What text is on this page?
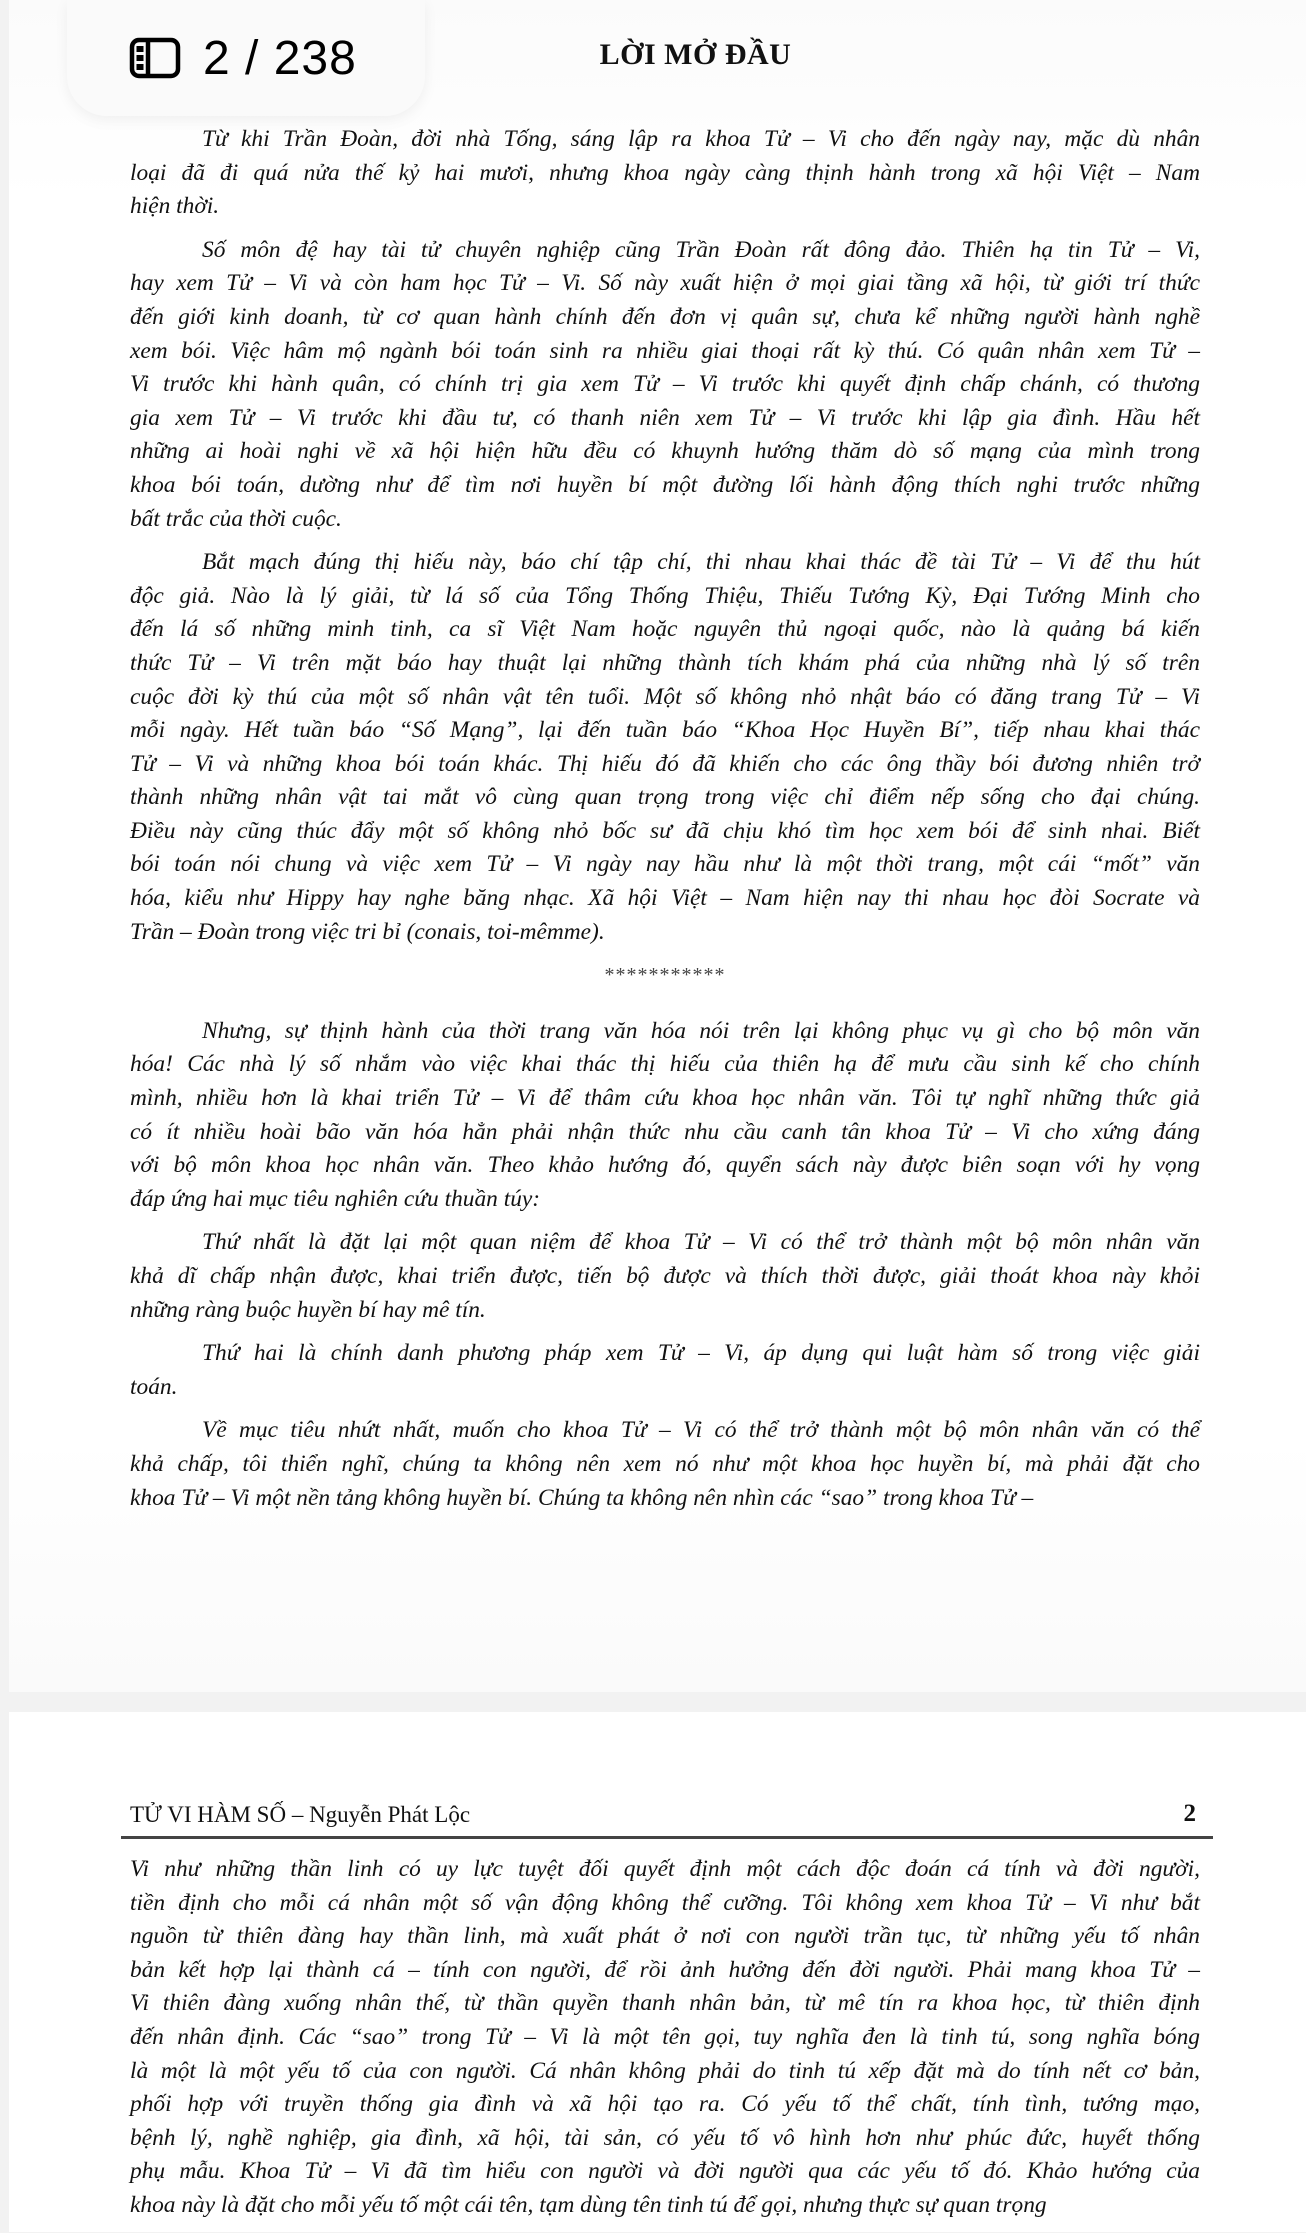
2 / 238	LỜI MỞ ĐẦU
Từ khi Trần Đoàn, đời nhà Tống, sáng lập ra khoa Tử – Vi cho đến ngày nay, mặc dù nhân
loại đã đi quá nửa thế kỷ hai mươi, nhưng khoa ngày càng thịnh hành trong xã hội Việt – Nam
hiện thời.
Số môn đệ hay tài tử chuyên nghiệp cũng Trần Đoàn rất đông đảo. Thiên hạ tin Tử – Vi,
hay xem Tử – Vi và còn ham học Tử – Vi. Số này xuất hiện ở mọi giai tầng xã hội, từ giới trí thức
đến giới kinh doanh, từ cơ quan hành chính đến đơn vị quân sự, chưa kể những người hành nghề
xem bói. Việc hâm mộ ngành bói toán sinh ra nhiều giai thoại rất kỳ thú. Có quân nhân xem Tử –
Vi trước khi hành quân, có chính trị gia xem Tử – Vi trước khi quyết định chấp chánh, có thương
gia xem Tử – Vi trước khi đầu tư, có thanh niên xem Tử – Vi trước khi lập gia đình. Hầu hết
những ai hoài nghi về xã hội hiện hữu đều có khuynh hướng thăm dò số mạng của mình trong
khoa bói toán, dường như để tìm nơi huyền bí một đường lối hành động thích nghi trước những
bất trắc của thời cuộc.
Bắt mạch đúng thị hiếu này, báo chí tập chí, thi nhau khai thác đề tài Tử – Vi để thu hút
độc giả. Nào là lý giải, từ lá số của Tổng Thống Thiệu, Thiếu Tướng Kỳ, Đại Tướng Minh cho
đến lá số những minh tinh, ca sĩ Việt Nam hoặc nguyên thủ ngoại quốc, nào là quảng bá kiến
thức Tử – Vi trên mặt báo hay thuật lại những thành tích khám phá của những nhà lý số trên
cuộc đời kỳ thú của một số nhân vật tên tuổi. Một số không nhỏ nhật báo có đăng trang Tử – Vi
mỗi ngày. Hết tuần báo “Số Mạng”, lại đến tuần báo “Khoa Học Huyền Bí”, tiếp nhau khai thác
Tử – Vi và những khoa bói toán khác. Thị hiếu đó đã khiến cho các ông thầy bói đương nhiên trở
thành những nhân vật tai mắt vô cùng quan trọng trong việc chỉ điểm nếp sống cho đại chúng.
Điều này cũng thúc đẩy một số không nhỏ bốc sư đã chịu khó tìm học xem bói để sinh nhai. Biết
bói toán nói chung và việc xem Tử – Vi ngày nay hầu như là một thời trang, một cái “mốt” văn
hóa, kiểu như Hippy hay nghe băng nhạc. Xã hội Việt – Nam hiện nay thi nhau học đòi Socrate và
Trần – Đoàn trong việc tri bỉ (conais, toi-mêmme).
***********
Nhưng, sự thịnh hành của thời trang văn hóa nói trên lại không phục vụ gì cho bộ môn văn
hóa! Các nhà lý số nhắm vào việc khai thác thị hiếu của thiên hạ để mưu cầu sinh kế cho chính
mình, nhiều hơn là khai triển Tử – Vi để thâm cứu khoa học nhân văn. Tôi tự nghĩ những thức giả
có ít nhiều hoài bão văn hóa hẳn phải nhận thức nhu cầu canh tân khoa Tử – Vi cho xứng đáng
với bộ môn khoa học nhân văn. Theo khảo hướng đó, quyển sách này được biên soạn với hy vọng
đáp ứng hai mục tiêu nghiên cứu thuần túy:
Thứ nhất là đặt lại một quan niệm để khoa Tử – Vi có thể trở thành một bộ môn nhân văn
khả dĩ chấp nhận được, khai triển được, tiến bộ được và thích thời được, giải thoát khoa này khỏi
những ràng buộc huyền bí hay mê tín.
Thứ hai là chính danh phương pháp xem Tử – Vi, áp dụng qui luật hàm số trong việc giải
toán.
Về mục tiêu nhứt nhất, muốn cho khoa Tử – Vi có thể trở thành một bộ môn nhân văn có thể
khả chấp, tôi thiển nghĩ, chúng ta không nên xem nó như một khoa học huyền bí, mà phải đặt cho
khoa Tử – Vi một nền tảng không huyền bí. Chúng ta không nên nhìn các “sao” trong khoa Tử –
TỬ VI HÀM SỐ – Nguyễn Phát Lộc	2
Vi như những thần linh có uy lực tuyệt đối quyết định một cách độc đoán cá tính và đời người,
tiền định cho mỗi cá nhân một số vận động không thể cưỡng. Tôi không xem khoa Tử – Vi như bắt
nguồn từ thiên đàng hay thần linh, mà xuất phát ở nơi con người trần tục, từ những yếu tố nhân
bản kết hợp lại thành cá – tính con người, để rồi ảnh hưởng đến đời người. Phải mang khoa Tử –
Vi thiên đàng xuống nhân thế, từ thần quyền thanh nhân bản, từ mê tín ra khoa học, từ thiên định
đến nhân định. Các “sao” trong Tử – Vi là một tên gọi, tuy nghĩa đen là tinh tú, song nghĩa bóng
là một là một yếu tố của con người. Cá nhân không phải do tinh tú xếp đặt mà do tính nết cơ bản,
phối hợp với truyền thống gia đình và xã hội tạo ra. Có yếu tố thể chất, tính tình, tướng mạo,
bệnh lý, nghề nghiệp, gia đình, xã hội, tài sản, có yếu tố vô hình hơn như phúc đức, huyết thống
phụ mẫu. Khoa Tử – Vi đã tìm hiểu con người và đời người qua các yếu tố đó. Khảo hướng của
khoa này là đặt cho mỗi yếu tố một cái tên, tạm dùng tên tinh tú để gọi, nhưng thực sự quan trọng
